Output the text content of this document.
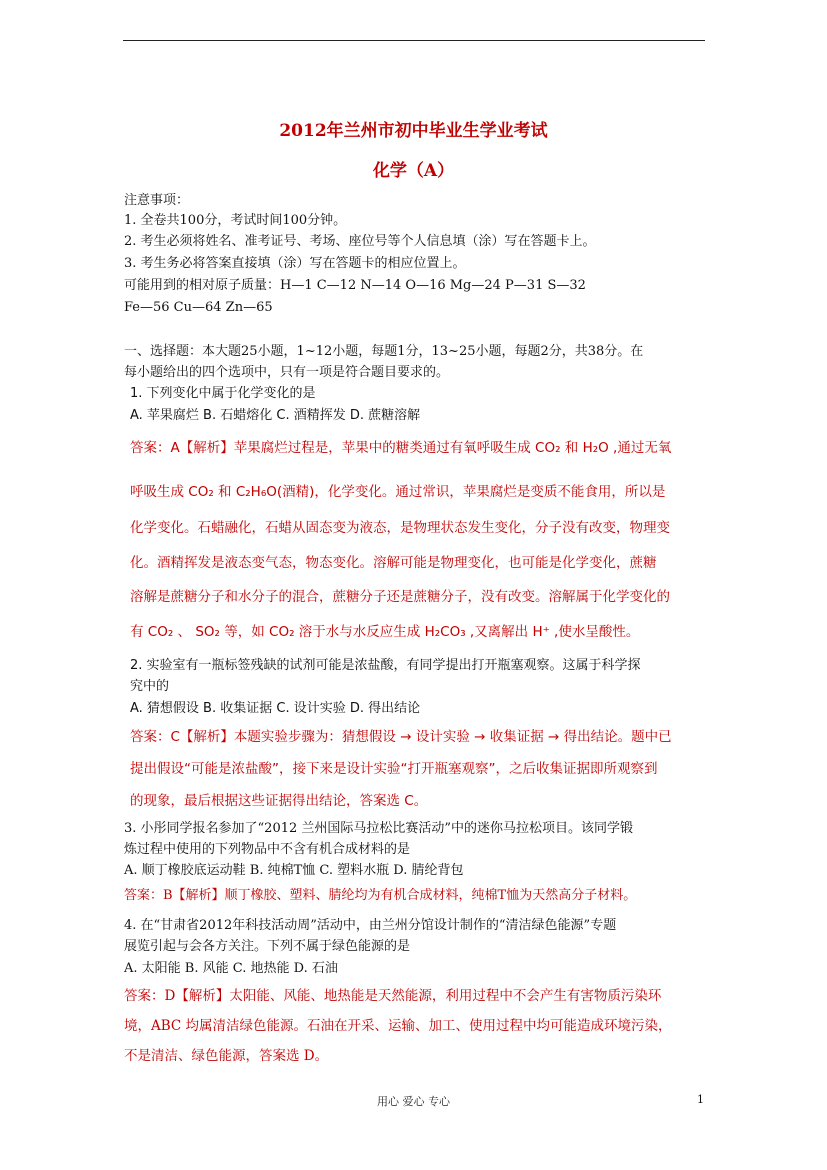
2012年兰州市初中毕业生学业考试
化学（A）
注意事项：
1. 全卷共100分，考试时间100分钟。
2. 考生必须将姓名、准考证号、考场、座位号等个人信息填（涂）写在答题卡上。
3. 考生务必将答案直接填（涂）写在答题卡的相应位置上。
可能用到的相对原子质量：H—1 C—12 N—14 O—16 Mg—24 P—31 S—32
Fe—56 Cu—64 Zn—65
一、选择题：本大题25小题，1~12小题，每题1分，13~25小题，每题2分，共38分。在
每小题给出的四个选项中，只有一项是符合题目要求的。
1. 下列变化中属于化学变化的是
A. 苹果腐烂 B. 石蜡熔化 C. 酒精挥发 D. 蔗糖溶解
答案：A【解析】苹果腐烂过程是，苹果中的糖类通过有氧呼吸生成 CO₂ 和 H₂O ,通过无氧
呼吸生成 CO₂ 和 C₂H₆O(酒精)，化学变化。通过常识，苹果腐烂是变质不能食用，所以是
化学变化。石蜡融化，石蜡从固态变为液态，是物理状态发生变化，分子没有改变，物理变
化。酒精挥发是液态变气态，物态变化。溶解可能是物理变化，也可能是化学变化，蔗糖
溶解是蔗糖分子和水分子的混合，蔗糖分子还是蔗糖分子，没有改变。溶解属于化学变化的
有 CO₂ 、 SO₂ 等，如 CO₂ 溶于水与水反应生成 H₂CO₃ ,又离解出 H⁺ ,使水呈酸性。
2. 实验室有一瓶标签残缺的试剂可能是浓盐酸，有同学提出打开瓶塞观察。这属于科学探
究中的
A. 猜想假设 B. 收集证据 C. 设计实验 D. 得出结论
答案：C【解析】本题实验步骤为：猜想假设 → 设计实验 → 收集证据 → 得出结论。题中已
提出假设“可能是浓盐酸”，接下来是设计实验“打开瓶塞观察”，之后收集证据即所观察到
的现象，最后根据这些证据得出结论，答案选 C。
3. 小彤同学报名参加了“2012 兰州国际马拉松比赛活动”中的迷你马拉松项目。该同学锻
炼过程中使用的下列物品中不含有机合成材料的是
A. 顺丁橡胶底运动鞋 B. 纯棉T恤 C. 塑料水瓶 D. 腈纶背包
答案：B【解析】顺丁橡胶、塑料、腈纶均为有机合成材料，纯棉T恤为天然高分子材料。
4. 在“甘肃省2012年科技活动周”活动中，由兰州分馆设计制作的“清洁绿色能源”专题
展览引起与会各方关注。下列不属于绿色能源的是
A. 太阳能 B. 风能 C. 地热能 D. 石油
答案：D【解析】太阳能、风能、地热能是天然能源，利用过程中不会产生有害物质污染环
境，ABC 均属清洁绿色能源。石油在开采、运输、加工、使用过程中均可能造成环境污染，
不是清洁、绿色能源，答案选 D。
用心 爱心 专心	1
